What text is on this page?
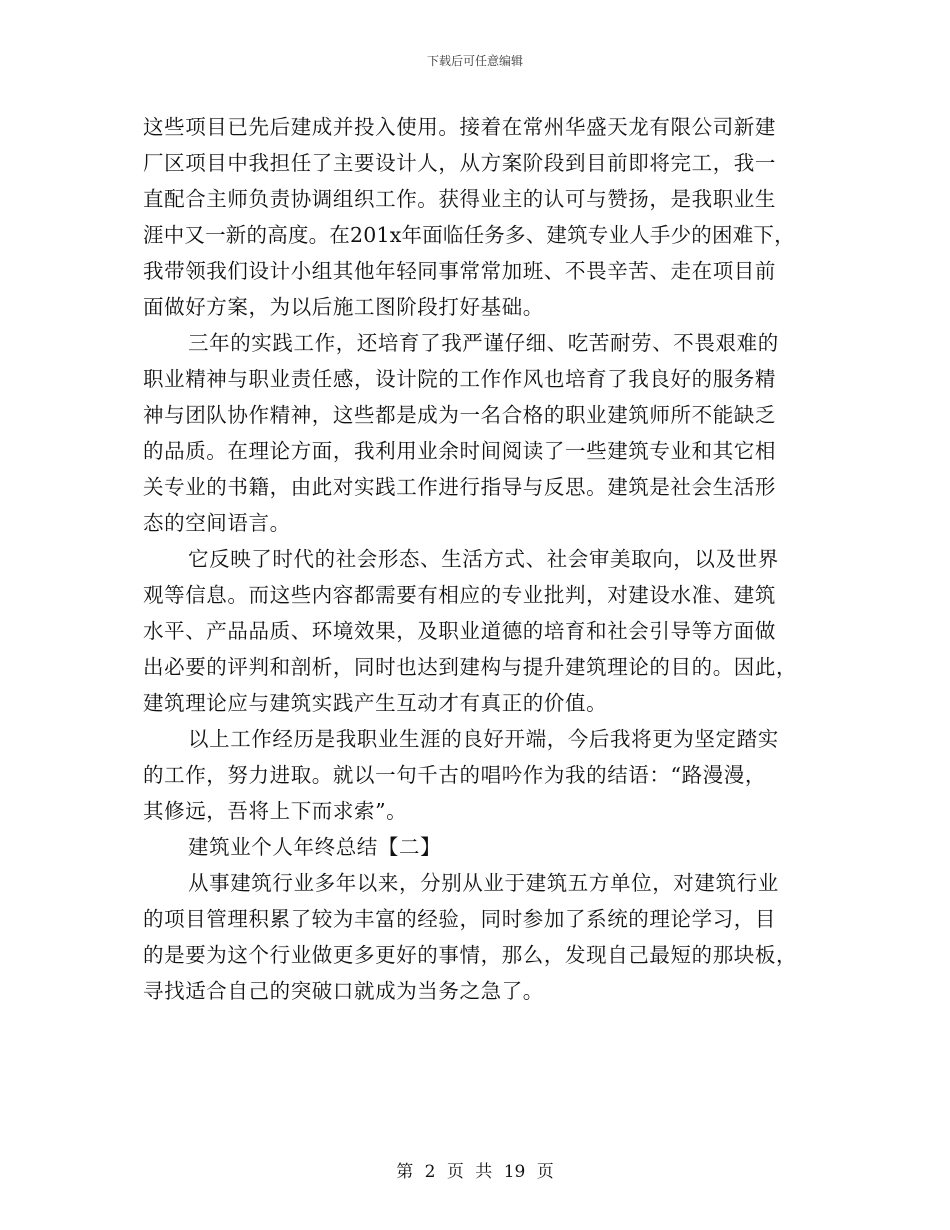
下载后可任意编辑
这些项目已先后建成并投入使用。接着在常州华盛天龙有限公司新建
厂区项目中我担任了主要设计人，从方案阶段到目前即将完工，我一
直配合主师负责协调组织工作。获得业主的认可与赞扬，是我职业生
涯中又一新的高度。在201x年面临任务多、建筑专业人手少的困难下，
我带领我们设计小组其他年轻同事常常加班、不畏辛苦、走在项目前
面做好方案，为以后施工图阶段打好基础。
三年的实践工作，还培育了我严谨仔细、吃苦耐劳、不畏艰难的
职业精神与职业责任感，设计院的工作作风也培育了我良好的服务精
神与团队协作精神，这些都是成为一名合格的职业建筑师所不能缺乏
的品质。在理论方面，我利用业余时间阅读了一些建筑专业和其它相
关专业的书籍，由此对实践工作进行指导与反思。建筑是社会生活形
态的空间语言。
它反映了时代的社会形态、生活方式、社会审美取向，以及世界
观等信息。而这些内容都需要有相应的专业批判，对建设水准、建筑
水平、产品品质、环境效果，及职业道德的培育和社会引导等方面做
出必要的评判和剖析，同时也达到建构与提升建筑理论的目的。因此，
建筑理论应与建筑实践产生互动才有真正的价值。
以上工作经历是我职业生涯的良好开端，今后我将更为坚定踏实
的工作，努力进取。就以一句千古的唱吟作为我的结语：“路漫漫，
其修远，吾将上下而求索”。
建筑业个人年终总结【二】
从事建筑行业多年以来，分别从业于建筑五方单位，对建筑行业
的项目管理积累了较为丰富的经验，同时参加了系统的理论学习，目
的是要为这个行业做更多更好的事情，那么，发现自己最短的那块板，
寻找适合自己的突破口就成为当务之急了。
第 2 页 共 19 页
